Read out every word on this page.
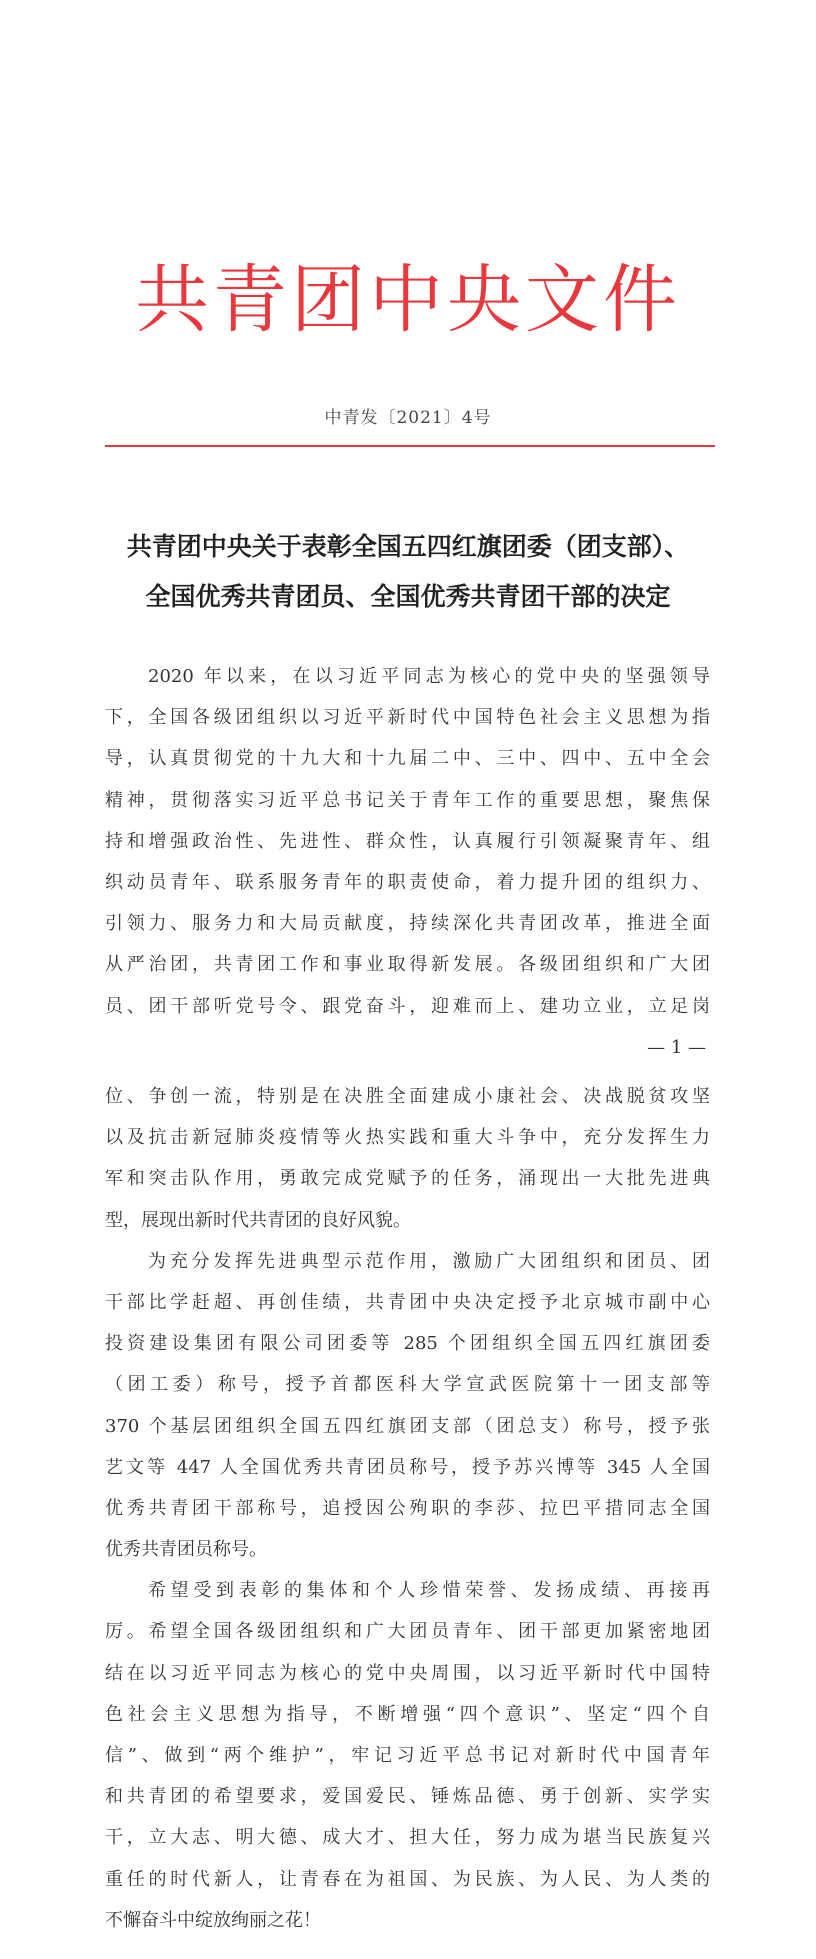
共青团中央文件
中青发〔2021〕4号
共青团中央关于表彰全国五四红旗团委（团支部）、
全国优秀共青团员、全国优秀共青团干部的决定
2020 年以来，在以习近平同志为核心的党中央的坚强领导
下，全国各级团组织以习近平新时代中国特色社会主义思想为指
导，认真贯彻党的十九大和十九届二中、三中、四中、五中全会
精神，贯彻落实习近平总书记关于青年工作的重要思想，聚焦保
持和增强政治性、先进性、群众性，认真履行引领凝聚青年、组
织动员青年、联系服务青年的职责使命，着力提升团的组织力、
引领力、服务力和大局贡献度，持续深化共青团改革，推进全面
从严治团，共青团工作和事业取得新发展。各级团组织和广大团
员、团干部听党号令、跟党奋斗，迎难而上、建功立业，立足岗
— 1 —
位、争创一流，特别是在决胜全面建成小康社会、决战脱贫攻坚
以及抗击新冠肺炎疫情等火热实践和重大斗争中，充分发挥生力
军和突击队作用，勇敢完成党赋予的任务，涌现出一大批先进典
型，展现出新时代共青团的良好风貌。
为充分发挥先进典型示范作用，激励广大团组织和团员、团
干部比学赶超、再创佳绩，共青团中央决定授予北京城市副中心
投资建设集团有限公司团委等 285 个团组织全国五四红旗团委
（团工委）称号，授予首都医科大学宣武医院第十一团支部等
370 个基层团组织全国五四红旗团支部（团总支）称号，授予张
艺文等 447 人全国优秀共青团员称号，授予苏兴博等 345 人全国
优秀共青团干部称号，追授因公殉职的李莎、拉巴平措同志全国
优秀共青团员称号。
希望受到表彰的集体和个人珍惜荣誉、发扬成绩、再接再
厉。希望全国各级团组织和广大团员青年、团干部更加紧密地团
结在以习近平同志为核心的党中央周围，以习近平新时代中国特
色社会主义思想为指导，不断增强“四个意识”、坚定“四个自
信”、做到“两个维护”，牢记习近平总书记对新时代中国青年
和共青团的希望要求，爱国爱民、锤炼品德、勇于创新、实学实
干，立大志、明大德、成大才、担大任，努力成为堪当民族复兴
重任的时代新人，让青春在为祖国、为民族、为人民、为人类的
不懈奋斗中绽放绚丽之花！
